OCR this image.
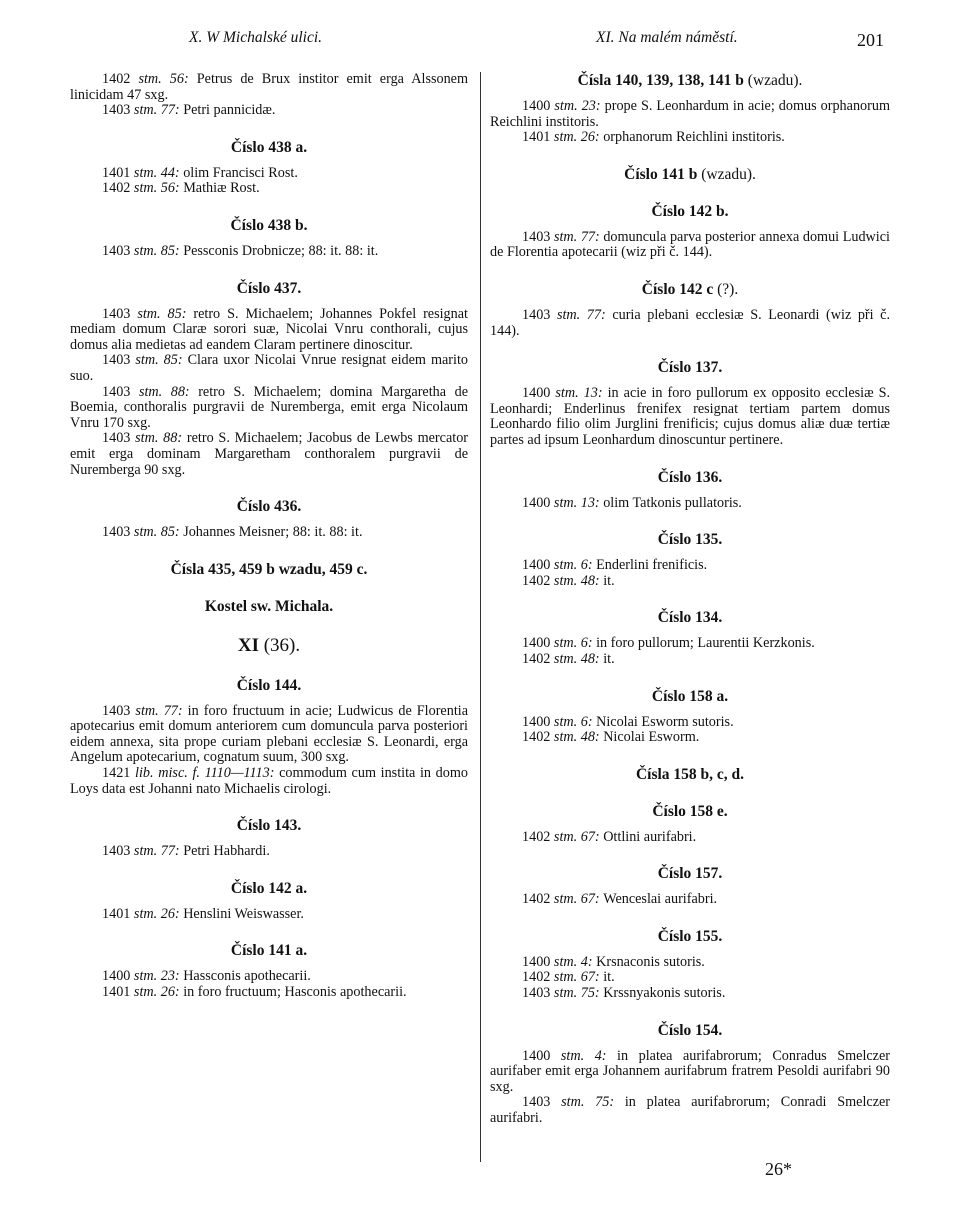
X. W Michalské ulici.	XI. Na malém náměstí.	201

1402 stm. 56: Petrus de Brux institor emit erga Alssonem linicidam 47 sxg.

1403 stm. 77: Petri pannicidæ.

Číslo 438 a.

1401 stm. 44: olim Francisci Rost.

1402 stm. 56: Mathiæ Rost.

Číslo 438 b.

1403 stm. 85: Pessconis Drobnicze; 88: it. 88: it.

Číslo 437.

1403 stm. 85: retro S. Michaelem; Johannes Pokfel resignat mediam domum Claræ sorori suæ, Nicolai Vnru conthorali, cujus domus alia medietas ad eandem Claram pertinere dinoscitur.

1403 stm. 85: Clara uxor Nicolai Vnrue resignat eidem marito suo.

1403 stm. 88: retro S. Michaelem; domina Margaretha de Boemia, conthoralis purgravii de Nuremberga, emit erga Nicolaum Vnru 170 sxg.

1403 stm. 88: retro S. Michaelem; Jacobus de Lewbs mercator emit erga dominam Margaretham conthoralem purgravii de Nuremberga 90 sxg.

Číslo 436.

1403 stm. 85: Johannes Meisner; 88: it. 88: it.

Čísla 435, 459 b wzadu, 459 c.
Kostel sw. Michala.
XI (36).
Číslo 144.

1403 stm. 77: in foro fructuum in acie; Ludwicus de Florentia apotecarius emit domum anteriorem cum domuncula parva posteriori eidem annexa, sita prope curiam plebani ecclesiæ S. Leonardi, erga Angelum apotecarium, cognatum suum, 300 sxg.

1421 lib. misc. f. 1110—1113: commodum cum instita in domo Loys data est Johanni nato Michaelis cirologi.

Číslo 143.

1403 stm. 77: Petri Habhardi.

Číslo 142 a.

1401 stm. 26: Henslini Weiswasser.

Číslo 141 a.

1400 stm. 23: Hassconis apothecarii.

1401 stm. 26: in foro fructuum; Hasconis apothecarii.

Čísla 140, 139, 138, 141 b (wzadu).

1400 stm. 23: prope S. Leonhardum in acie; domus orphanorum Reichlini institoris.

1401 stm. 26: orphanorum Reichlini institoris.

Číslo 141 b (wzadu).
Číslo 142 b.

1403 stm. 77: domuncula parva posterior annexa domui Ludwici de Florentia apotecarii (wiz při č. 144).

Číslo 142 c (?).

1403 stm. 77: curia plebani ecclesiæ S. Leonardi (wiz při č. 144).

Číslo 137.

1400 stm. 13: in acie in foro pullorum ex opposito ecclesiæ S. Leonhardi; Enderlinus frenifex resignat tertiam partem domus Leonhardo filio olim Jurglini frenificis; cujus domus aliæ duæ tertiæ partes ad ipsum Leonhardum dinoscuntur pertinere.

Číslo 136.

1400 stm. 13: olim Tatkonis pullatoris.

Číslo 135.

1400 stm. 6: Enderlini frenificis.

1402 stm. 48: it.

Číslo 134.

1400 stm. 6: in foro pullorum; Laurentii Kerzkonis.

1402 stm. 48: it.

Číslo 158 a.

1400 stm. 6: Nicolai Esworm sutoris.

1402 stm. 48: Nicolai Esworm.

Čísla 158 b, c, d.
Číslo 158 e.

1402 stm. 67: Ottlini aurifabri.

Číslo 157.

1402 stm. 67: Wenceslai aurifabri.

Číslo 155.

1400 stm. 4: Krsnaconis sutoris.

1402 stm. 67: it.

1403 stm. 75: Krssnyakonis sutoris.

Číslo 154.

1400 stm. 4: in platea aurifabrorum; Conradus Smelczer aurifaber emit erga Johannem aurifabrum fratrem Pesoldi aurifabri 90 sxg.

1403 stm. 75: in platea aurifabrorum; Conradi Smelczer aurifabri.

26*
